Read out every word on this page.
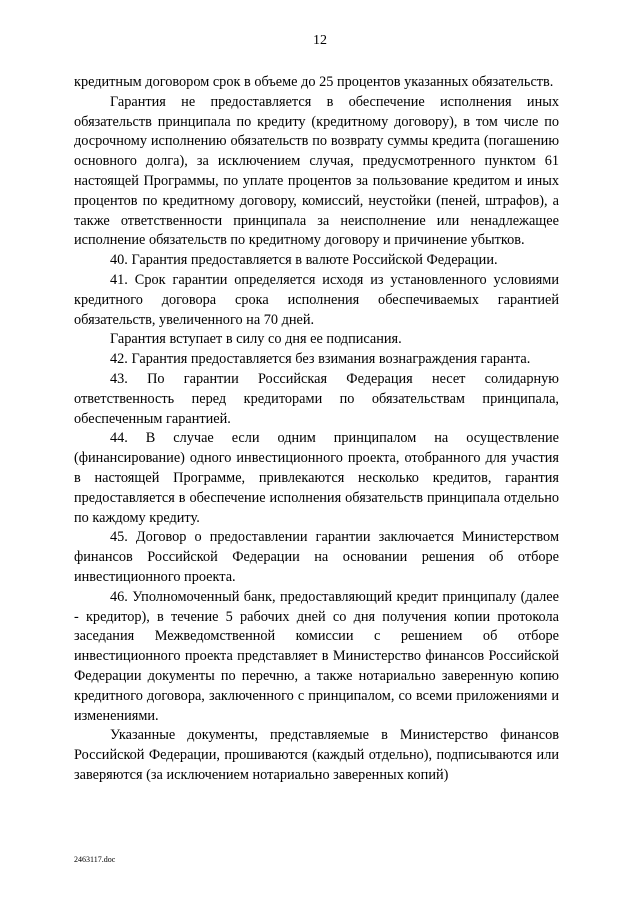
12

кредитным договором срок в объеме до 25 процентов указанных обязательств.

Гарантия не предоставляется в обеспечение исполнения иных обязательств принципала по кредиту (кредитному договору), в том числе по досрочному исполнению обязательств по возврату суммы кредита (погашению основного долга), за исключением случая, предусмотренного пунктом 61 настоящей Программы, по уплате процентов за пользование кредитом и иных процентов по кредитному договору, комиссий, неустойки (пеней, штрафов), а также ответственности принципала за неисполнение или ненадлежащее исполнение обязательств по кредитному договору и причинение убытков.

40. Гарантия предоставляется в валюте Российской Федерации.

41. Срок гарантии определяется исходя из установленного условиями кредитного договора срока исполнения обеспечиваемых гарантией обязательств, увеличенного на 70 дней.

Гарантия вступает в силу со дня ее подписания.

42. Гарантия предоставляется без взимания вознаграждения гаранта.

43. По гарантии Российская Федерация несет солидарную ответственность перед кредиторами по обязательствам принципала, обеспеченным гарантией.

44. В случае если одним принципалом на осуществление (финансирование) одного инвестиционного проекта, отобранного для участия в настоящей Программе, привлекаются несколько кредитов, гарантия предоставляется в обеспечение исполнения обязательств принципала отдельно по каждому кредиту.

45. Договор о предоставлении гарантии заключается Министерством финансов Российской Федерации на основании решения об отборе инвестиционного проекта.

46. Уполномоченный банк, предоставляющий кредит принципалу (далее - кредитор), в течение 5 рабочих дней со дня получения копии протокола заседания Межведомственной комиссии с решением об отборе инвестиционного проекта представляет в Министерство финансов Российской Федерации документы по перечню, а также нотариально заверенную копию кредитного договора, заключенного с принципалом, со всеми приложениями и изменениями.

Указанные документы, представляемые в Министерство финансов Российской Федерации, прошиваются (каждый отдельно), подписываются или заверяются (за исключением нотариально заверенных копий)

2463117.doc
